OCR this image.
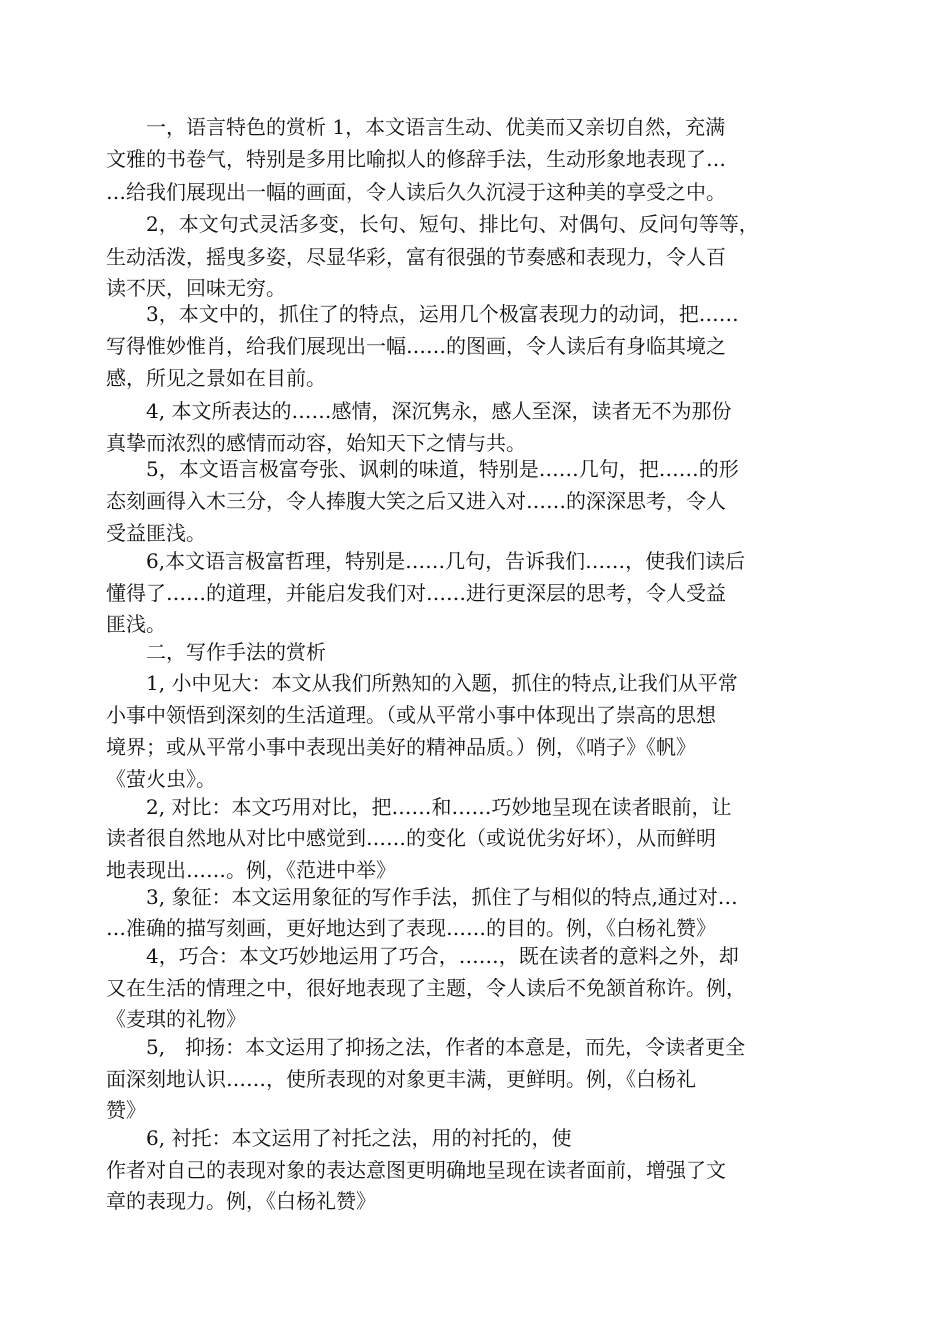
　　一，语言特色的赏析 1，本文语言生动、优美而又亲切自然，充满
文雅的书卷气，特别是多用比喻拟人的修辞手法，生动形象地表现了…
…给我们展现出一幅的画面，令人读后久久沉浸于这种美的享受之中。
　　2，本文句式灵活多变，长句、短句、排比句、对偶句、反问句等等，
生动活泼，摇曳多姿，尽显华彩，富有很强的节奏感和表现力，令人百
读不厌，回味无穷。
　　3，本文中的，抓住了的特点，运用几个极富表现力的动词，把……
写得惟妙惟肖，给我们展现出一幅……的图画，令人读后有身临其境之
感，所见之景如在目前。
　　4, 本文所表达的……感情，深沉隽永，感人至深，读者无不为那份
真挚而浓烈的感情而动容，始知天下之情与共。
　　5，本文语言极富夸张、讽刺的味道，特别是……几句，把……的形
态刻画得入木三分，令人捧腹大笑之后又进入对……的深深思考，令人
受益匪浅。
　　6,本文语言极富哲理，特别是……几句，告诉我们……，使我们读后
懂得了……的道理，并能启发我们对……进行更深层的思考，令人受益
匪浅。
　　二，写作手法的赏析
　　1, 小中见大：本文从我们所熟知的入题，抓住的特点,让我们从平常
小事中领悟到深刻的生活道理。（或从平常小事中体现出了崇高的思想
境界；或从平常小事中表现出美好的精神品质。）例，《哨子》《帆》
《萤火虫》。
　　2, 对比：本文巧用对比，把……和……巧妙地呈现在读者眼前，让
读者很自然地从对比中感觉到……的变化（或说优劣好坏），从而鲜明
地表现出……。例，《范进中举》
　　3, 象征：本文运用象征的写作手法，抓住了与相似的特点,通过对…
…准确的描写刻画，更好地达到了表现……的目的。例，《白杨礼赞》
　　4，巧合：本文巧妙地运用了巧合，……，既在读者的意料之外，却
又在生活的情理之中，很好地表现了主题，令人读后不免颔首称许。例，
《麦琪的礼物》
　　5,　抑扬：本文运用了抑扬之法，作者的本意是，而先，令读者更全
面深刻地认识……，使所表现的对象更丰满，更鲜明。例，《白杨礼
赞》
　　6, 衬托：本文运用了衬托之法，用的衬托的，使
作者对自己的表现对象的表达意图更明确地呈现在读者面前，增强了文
章的表现力。例，《白杨礼赞》
